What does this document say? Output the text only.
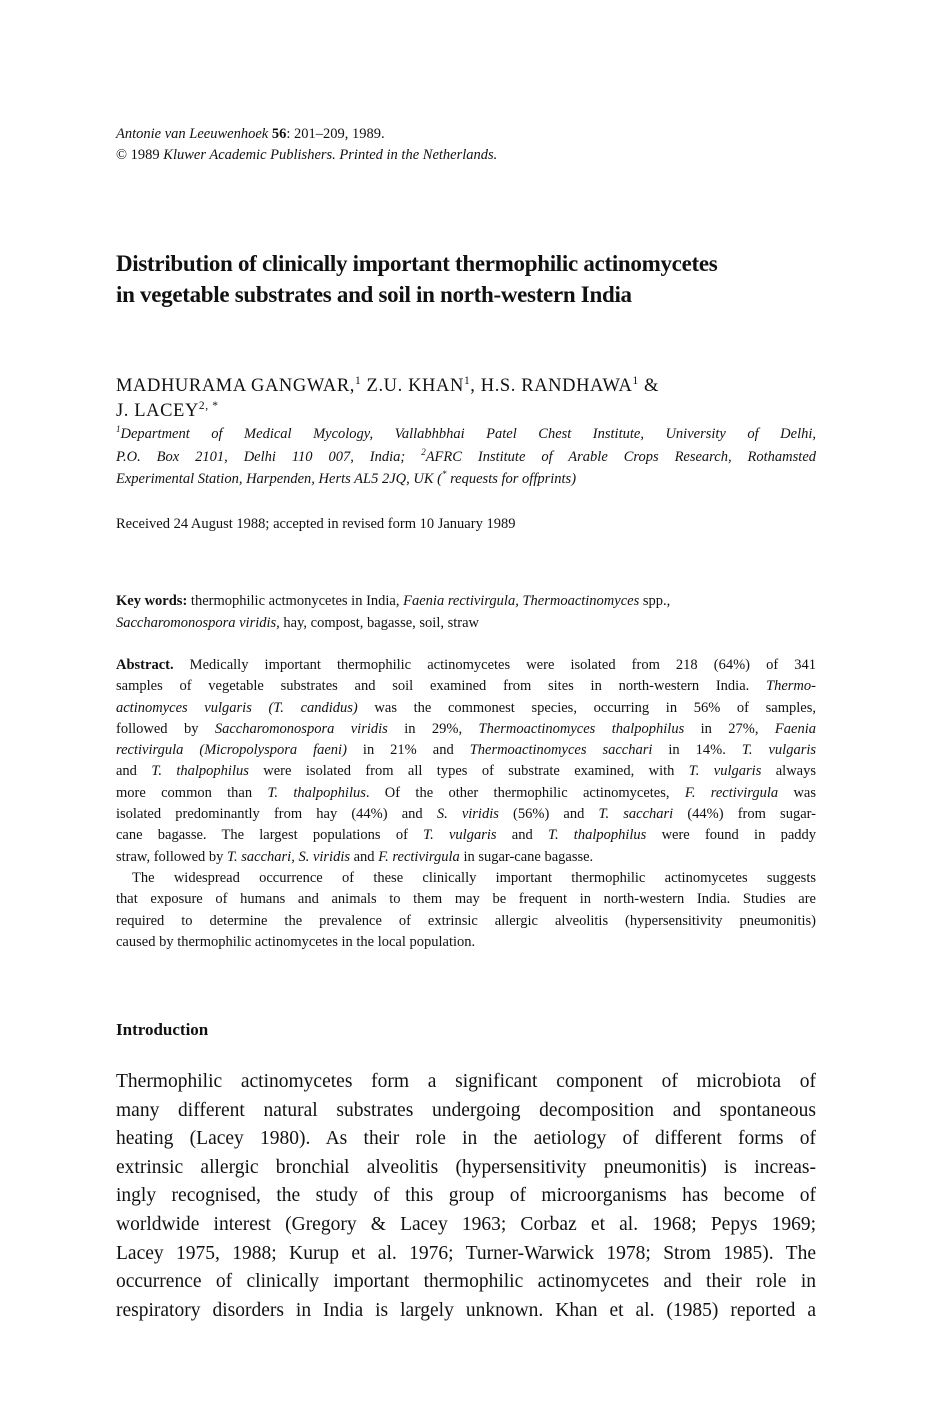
Antonie van Leeuwenhoek 56: 201–209, 1989.
© 1989 Kluwer Academic Publishers. Printed in the Netherlands.
Distribution of clinically important thermophilic actinomycetes
in vegetable substrates and soil in north-western India
MADHURAMA GANGWAR,$^1$ Z.U. KHAN$^1$, H.S. RANDHAWA$^1$ &
J. $LACEY^{2, *}$
$^1$Department of Medical Mycology, Vallabhbhai Patel Chest Institute, University of Delhi,
P.O. Box 2101, Delhi 110 007, India; $^2$AFRC Institute of Arable Crops Research, Rothamsted
Experimental Station, Harpenden, Herts AL5 2JQ, UK (* requests for offprints)
Received 24 August 1988; accepted in revised form 10 January 1989
Key words: thermophilic actmonycetes in India, Faenia rectivirgula, Thermoactinomyces spp.,
Saccharomonospora viridis, hay, compost, bagasse, soil, straw

Abstract. Medically important thermophilic actinomycetes were isolated from 218 (64%) of 341
samples of vegetable substrates and soil examined from sites in north-western India. Thermo-
actinomyces vulgaris (T. candidus) was the commonest species, occurring in 56% of samples,
followed by Saccharomonospora viridis in 29%, Thermoactinomyces thalpophilus in 27%, Faenia
rectivirgula (Micropolyspora faeni) in 21% and Thermoactinomyces sacchari in 14%. T. vulgaris
and T. thalpophilus were isolated from all types of substrate examined, with T. vulgaris always
more common than T. thalpophilus. Of the other thermophilic actinomycetes, F. rectivirgula was
isolated predominantly from hay (44%) and S. viridis (56%) and T. sacchari (44%) from sugar-
cane bagasse. The largest populations of T. vulgaris and T. thalpophilus were found in paddy
straw, followed by T. sacchari, S. viridis and F. rectivirgula in sugar-cane bagasse.

The widespread occurrence of these clinically important thermophilic actinomycetes suggests
that exposure of humans and animals to them may be frequent in north-western India. Studies are
required to determine the prevalence of extrinsic allergic alveolitis (hypersensitivity pneumonitis)
caused by thermophilic actinomycetes in the local population.

Introduction
Thermophilic actinomycetes form a significant component of microbiota of
many different natural substrates undergoing decomposition and spontaneous
heating (Lacey 1980). As their role in the aetiology of different forms of
extrinsic allergic bronchial alveolitis (hypersensitivity pneumonitis) is increas-
ingly recognised, the study of this group of microorganisms has become of
worldwide interest (Gregory & Lacey 1963; Corbaz et al. 1968; Pepys 1969;
Lacey 1975, 1988; Kurup et al. 1976; Turner-Warwick 1978; Strom 1985). The
occurrence of clinically important thermophilic actinomycetes and their role in
respiratory disorders in India is largely unknown. Khan et al. (1985) reported a
